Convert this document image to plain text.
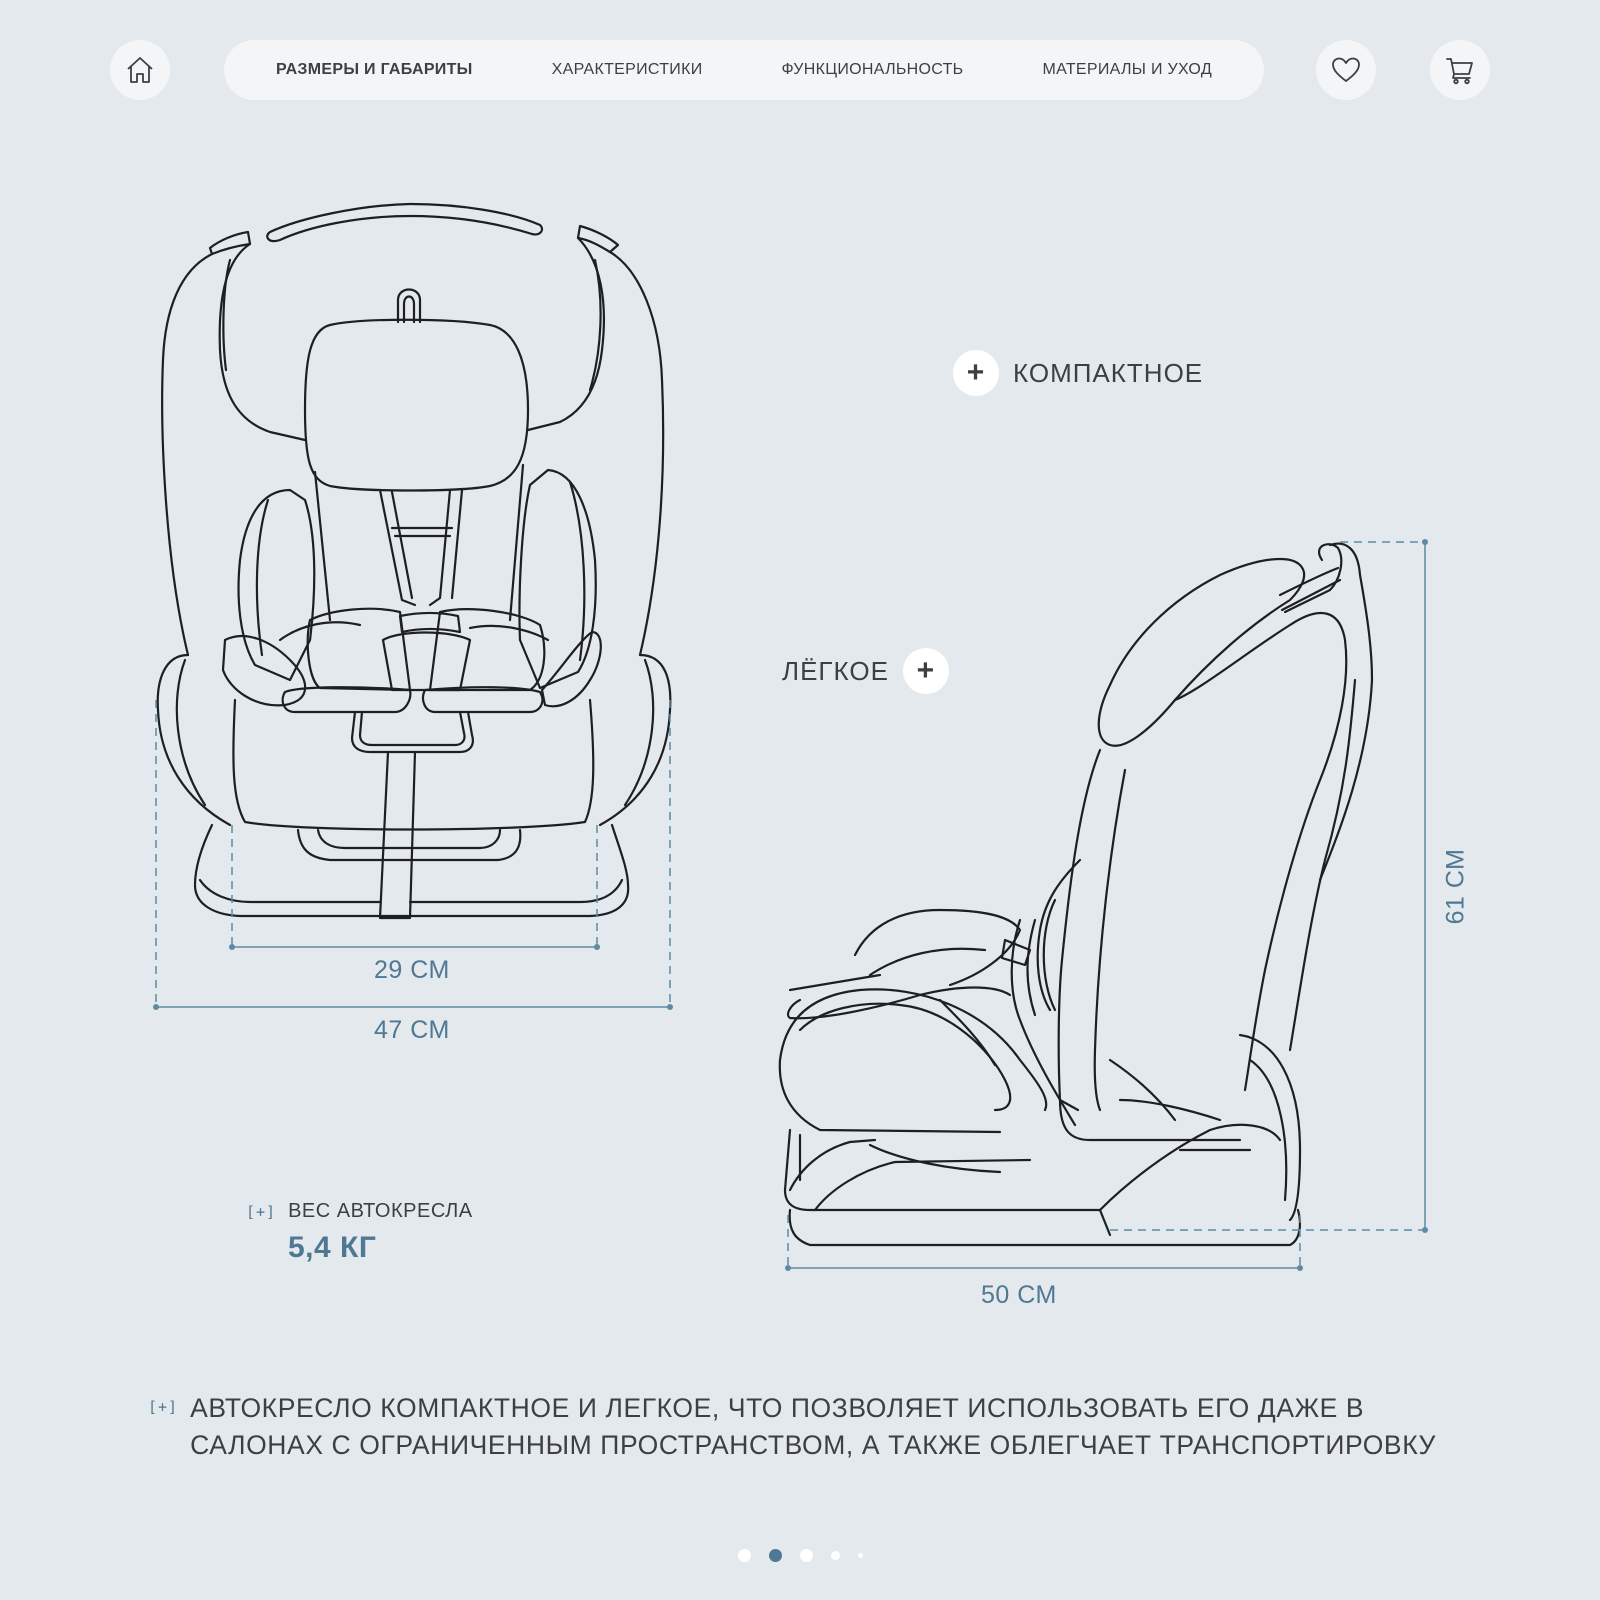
РАЗМЕРЫ И ГАБАРИТЫ	ХАРАКТЕРИСТИКИ	ФУНКЦИОНАЛЬНОСТЬ	МАТЕРИАЛЫ И УХОД
29 СМ
47 СМ
50 СМ
61 СМ
+	КОМПАКТНОЕ
ЛЁГКОЕ +
[+] ВЕС АВТОКРЕСЛА
5,4 КГ
[+] АВТОКРЕСЛО КОМПАКТНОЕ И ЛЕГКОЕ, ЧТО ПОЗВОЛЯЕТ ИСПОЛЬЗОВАТЬ ЕГО ДАЖЕ В САЛОНАХ С ОГРАНИЧЕННЫМ ПРОСТРАНСТВОМ, А ТАКЖЕ ОБЛЕГЧАЕТ ТРАНСПОРТИРОВКУ
